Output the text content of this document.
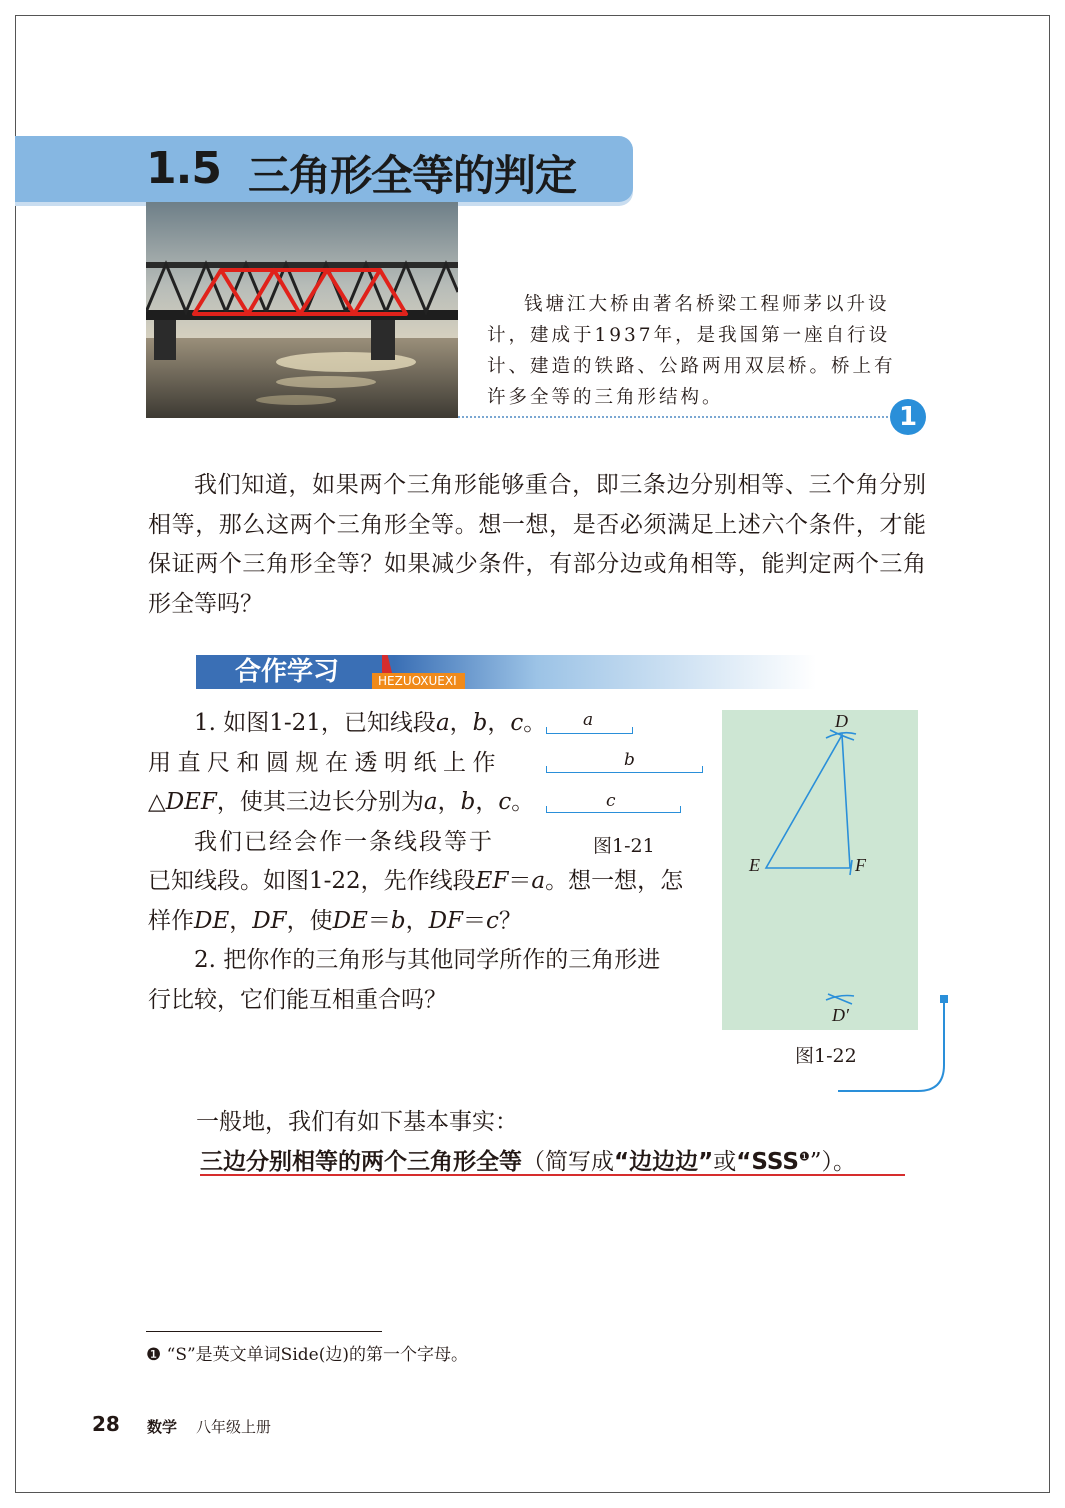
1.5 三角形全等的判定

钱塘江大桥由著名桥梁工程师茅以升设计，建成于1937年，是我国第一座自行设计、建造的铁路、公路两用双层桥。桥上有许多全等的三角形结构。

1

我们知道，如果两个三角形能够重合，即三条边分别相等、三个角分别相等，那么这两个三角形全等。想一想，是否必须满足上述六个条件，才能保证两个三角形全等？如果减少条件，有部分边或角相等，能判定两个三角形全等吗？

合作学习	HEZUOXUEXI
1. 如图1-21，已知线段a，b，c。
用直尺和圆规在透明纸上作
△DEF，使其三边长分别为a，b，c。
我们已经会作一条线段等于
已知线段。如图1-22，先作线段EF＝a。想一想，怎
样作DE，DF，使DE＝b，DF＝c？
2. 把你作的三角形与其他同学所作的三角形进
行比较，它们能互相重合吗？
a
b
c
图1-21
D
E	F
D′
图1-22
一般地，我们有如下基本事实：
三边分别相等的两个三角形全等（简写成“边边边”或“$SSS^❶$”）。
❶ “S”是英文单词Side(边)的第一个字母。
28 数学 八年级上册
